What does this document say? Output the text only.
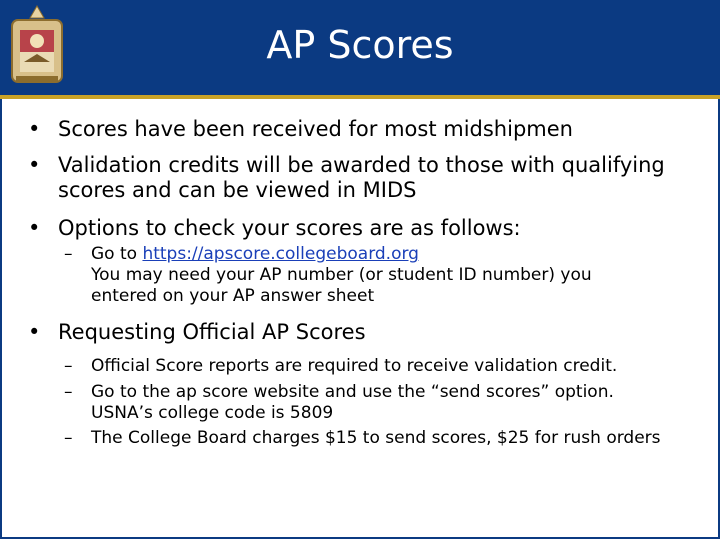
AP Scores
• Scores have been received for most midshipmen
• Validation credits will be awarded to those with qualifying
scores and can be viewed in MIDS
• Options to check your scores are as follows:
– Go to https://apscore.collegeboard.org
You may need your AP number (or student ID number) you
entered on your AP answer sheet
• Requesting Official AP Scores
– Official Score reports are required to receive validation credit.
– Go to the ap score website and use the “send scores” option.
USNA’s college code is 5809
– The College Board charges $15 to send scores, $25 for rush orders
